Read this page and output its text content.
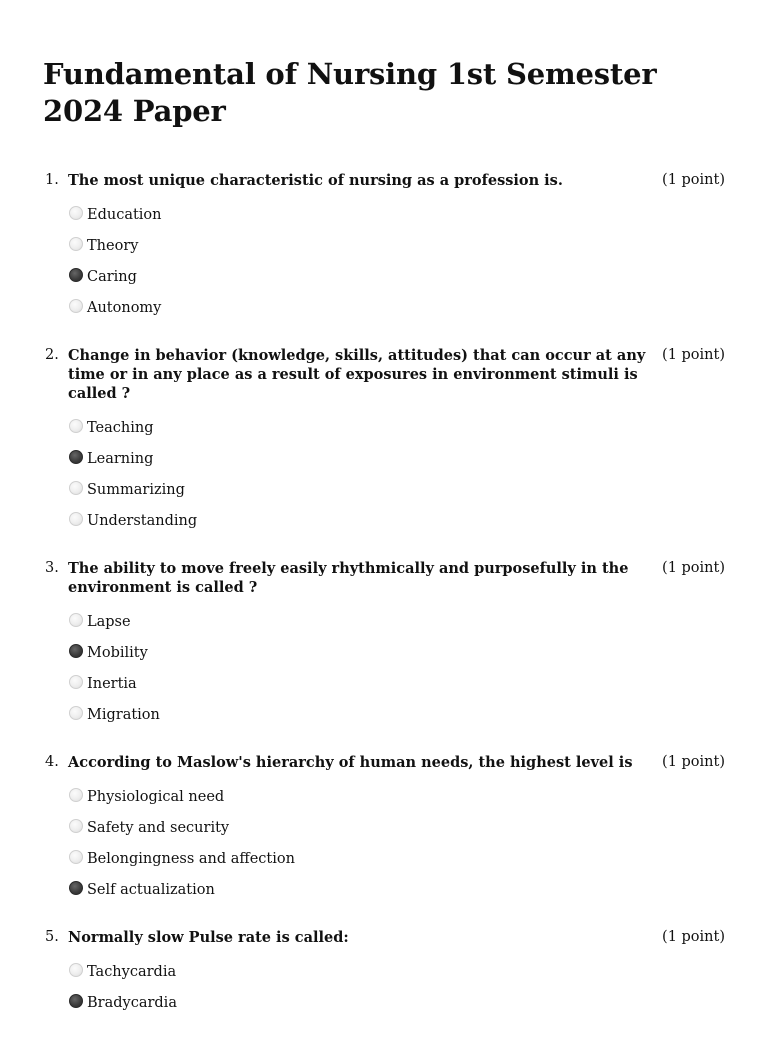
Fundamental of Nursing 1st Semester 2024 Paper
1. The most unique characteristic of nursing as a profession is.	(1 point)
Education
Theory
Caring
Autonomy
2. Change in behavior (knowledge, skills, attitudes) that can occur at any time or in any place as a result of exposures in environment stimuli is called ?
(1 point)
Teaching
Learning
Summarizing
Understanding
3. The ability to move freely easily rhythmically and purposefully in the environment is called ?
(1 point)
Lapse
Mobility
Inertia
Migration
4. According to Maslow's hierarchy of human needs, the highest level is	(1 point)
Physiological need
Safety and security
Belongingness and affection
Self actualization
5. Normally slow Pulse rate is called:	(1 point)
Tachycardia
Bradycardia
